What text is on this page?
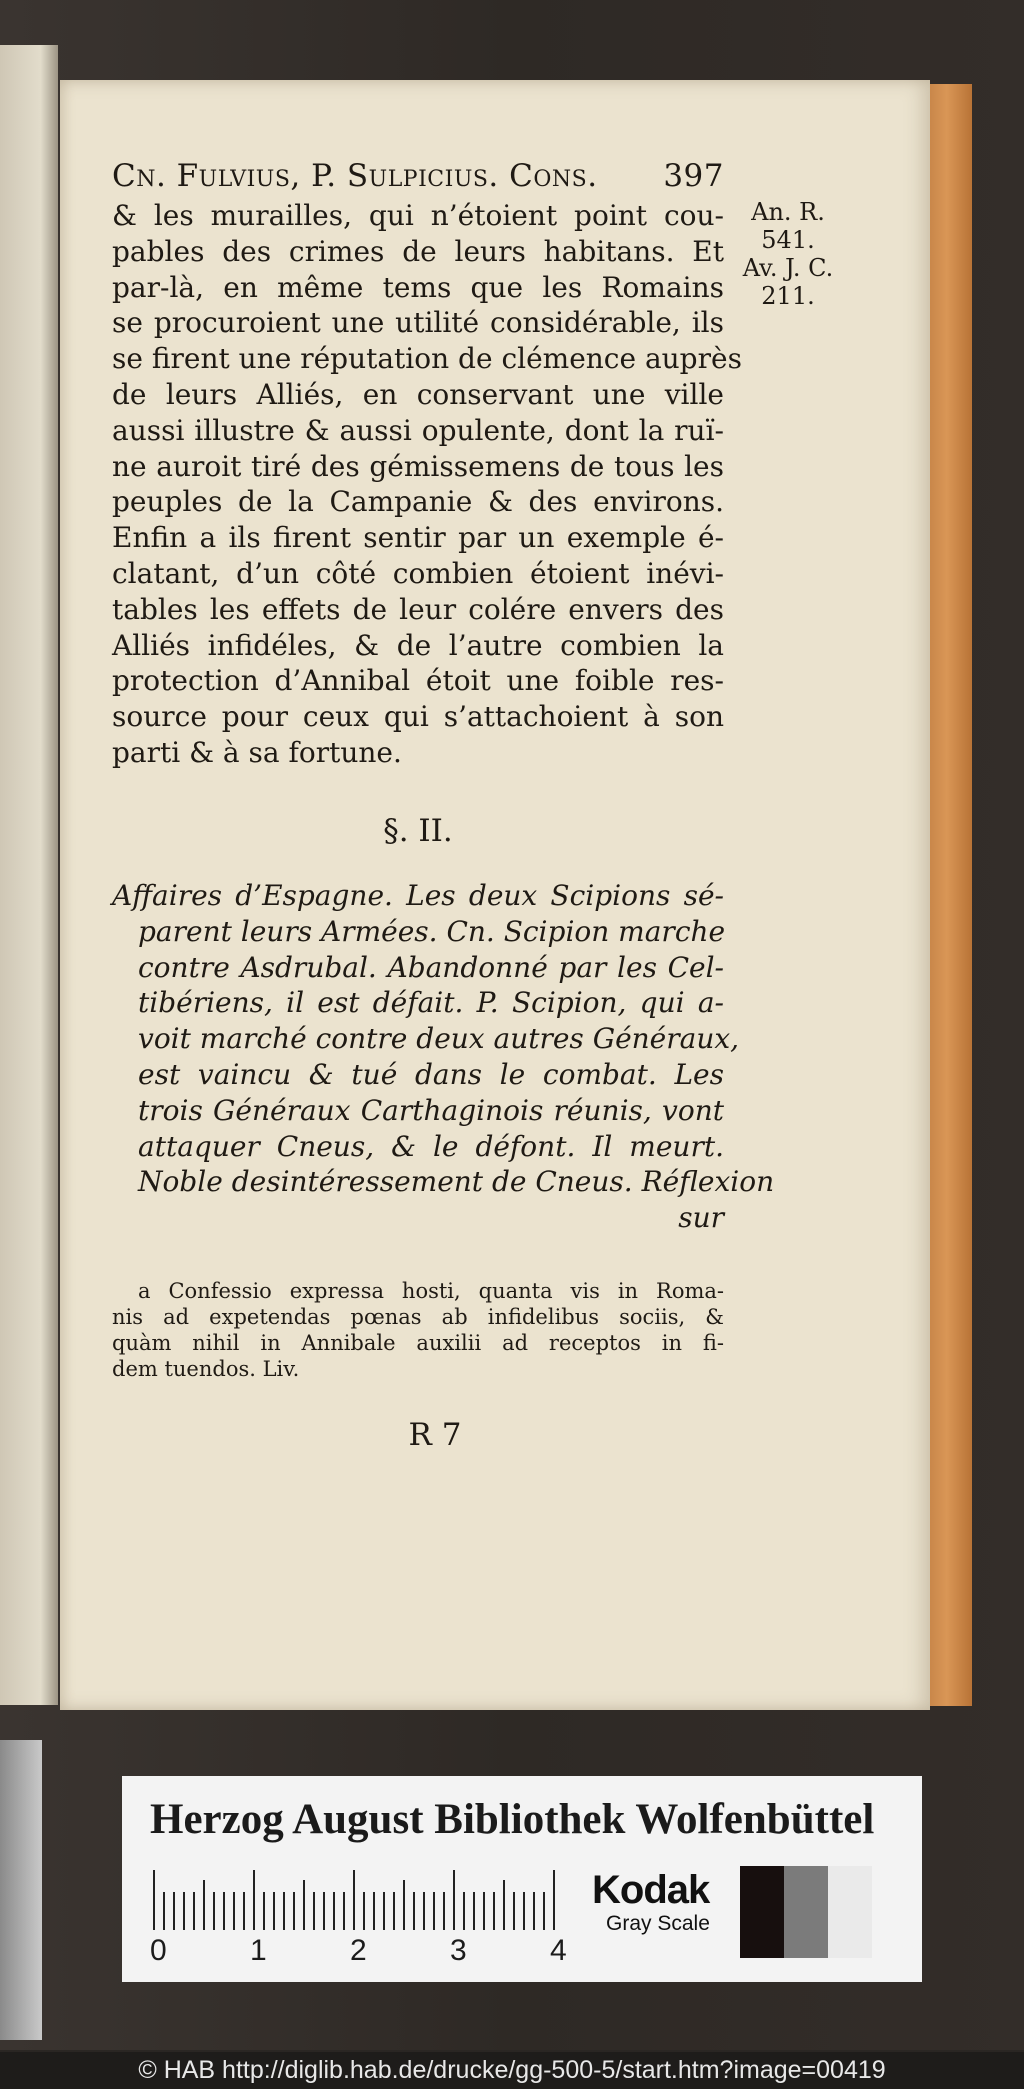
Cn. Fulvius, P. Sulpicius. Cons. 397
& les murailles, qui n’étoient point cou-
pables des crimes de leurs habitans. Et
par-là, en même tems que les Romains
se procuroient une utilité considérable, ils
se firent une réputation de clémence auprès
de leurs Alliés, en conservant une ville
aussi illustre & aussi opulente, dont la ruï-
ne auroit tiré des gémissemens de tous les
peuples de la Campanie & des environs.
Enfin a ils firent sentir par un exemple é-
clatant, d’un côté combien étoient inévi-
tables les effets de leur colére envers des
Alliés infidéles, & de l’autre combien la
protection d’Annibal étoit une foible res-
source pour ceux qui s’attachoient à son
parti & à sa fortune.
An. R.
541.
Av. J. C.
211.
§. II.
Affaires d’Espagne. Les deux Scipions sé-
parent leurs Armées. Cn. Scipion marche
contre Asdrubal. Abandonné par les Cel-
tibériens, il est défait. P. Scipion, qui a-
voit marché contre deux autres Généraux,
est vaincu & tué dans le combat. Les
trois Généraux Carthaginois réunis, vont
attaquer Cneus, & le défont. Il meurt.
Noble desintéressement de Cneus. Réflexion
sur
a Confessio expressa hosti, quanta vis in Roma-
nis ad expetendas pœnas ab infidelibus sociis, &
quàm nihil in Annibale auxilii ad receptos in fi-
dem tuendos. Liv.
R 7
Herzog August Bibliothek Wolfenbüttel
0	1	2	3	4
Kodak
Gray Scale
© HAB http://diglib.hab.de/drucke/gg-500-5/start.htm?image=00419
